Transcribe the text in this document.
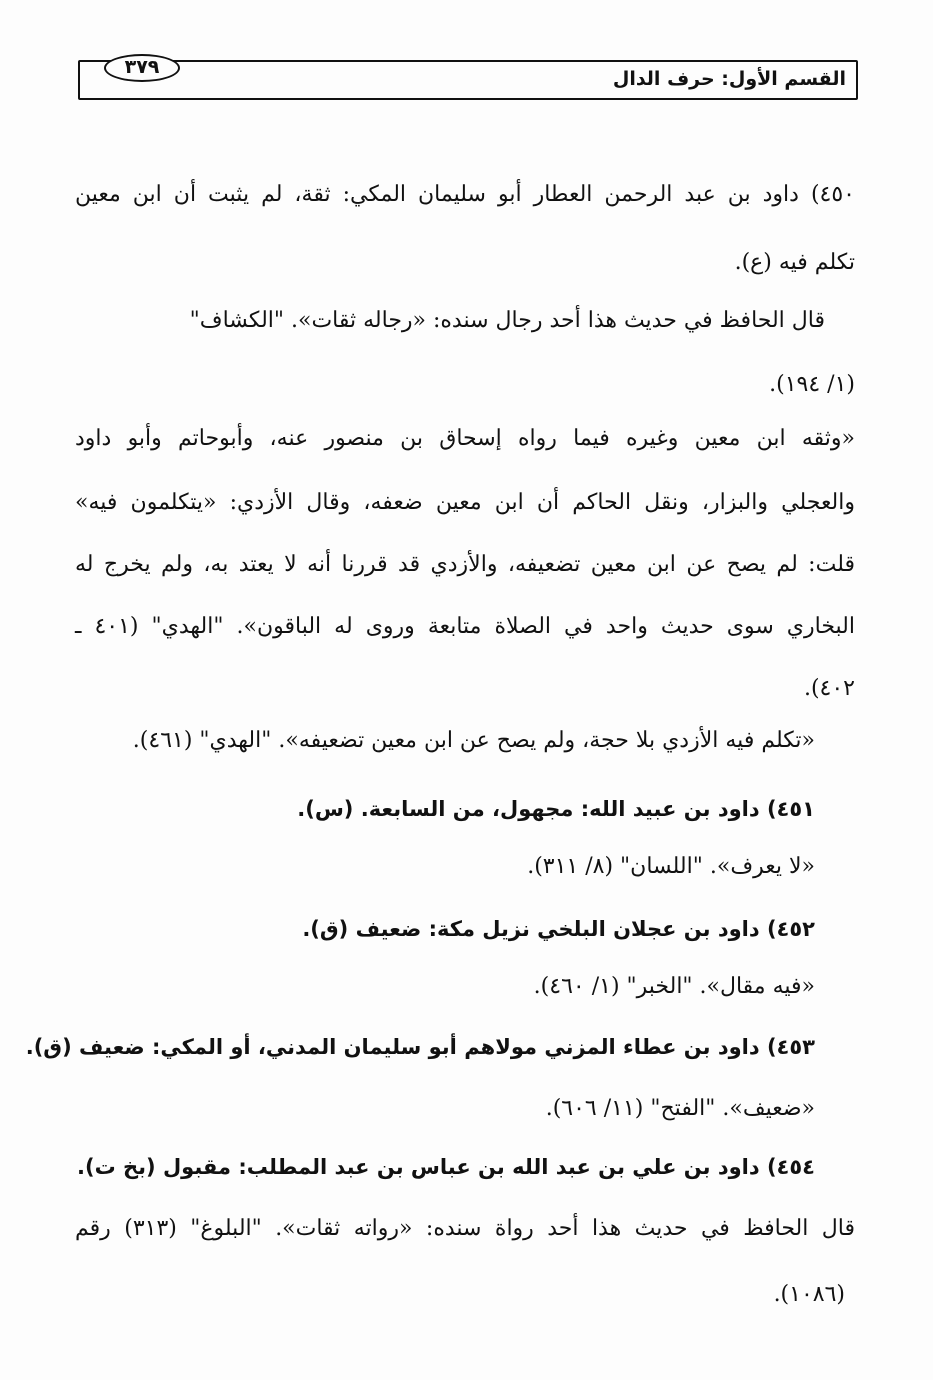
القسم الأول: حرف الدال
٣٧٩
٤٥٠) داود بن عبد الرحمن العطار أبو سليمان المكي: ثقة، لم يثبت أن ابن معين
تكلم فيه (ع).
قال الحافظ في حديث هذا أحد رجال سنده: «رجاله ثقات». "الكشاف"
(١/ ١٩٤).
«وثقه ابن معين وغيره فيما رواه إسحاق بن منصور عنه، وأبوحاتم وأبو داود
والعجلي والبزار، ونقل الحاكم أن ابن معين ضعفه، وقال الأزدي: «يتكلمون فيه»
قلت: لم يصح عن ابن معين تضعيفه، والأزدي قد قررنا أنه لا يعتد به، ولم يخرج له
البخاري سوى حديث واحد في الصلاة متابعة وروى له الباقون». "الهدي" (٤٠١ ـ
٤٠٢).
«تكلم فيه الأزدي بلا حجة، ولم يصح عن ابن معين تضعيفه». "الهدي" (٤٦١).
٤٥١) داود بن عبيد الله: مجهول، من السابعة. (س).
«لا يعرف». "اللسان" (٨/ ٣١١).
٤٥٢) داود بن عجلان البلخي نزيل مكة: ضعيف (ق).
«فيه مقال». "الخبر" (١/ ٤٦٠).
٤٥٣) داود بن عطاء المزني مولاهم أبو سليمان المدني، أو المكي: ضعيف (ق).
«ضعيف». "الفتح" (١١/ ٦٠٦).
٤٥٤) داود بن علي بن عبد الله بن عباس بن عبد المطلب: مقبول (بخ ت).
قال الحافظ في حديث هذا أحد رواة سنده: «رواته ثقات». "البلوغ" (٣١٣) رقم
(١٠٨٦).
